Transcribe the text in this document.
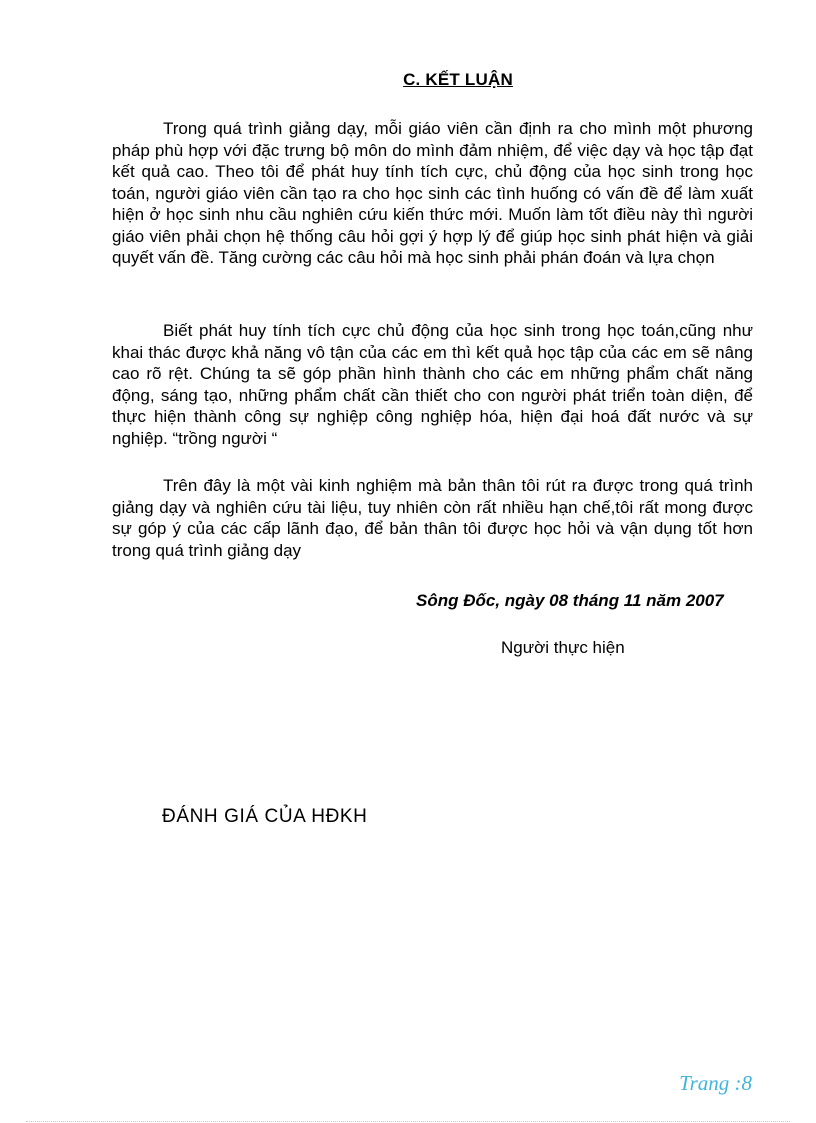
C. KẾT LUẬN

Trong quá trình giảng dạy, mỗi giáo viên cần định ra cho mình một phương pháp phù hợp với đặc trưng bộ môn do mình đảm nhiệm, để việc dạy và học tập đạt kết quả cao. Theo tôi để phát huy tính tích cực, chủ động của học sinh trong học toán, người giáo viên cần tạo ra cho học sinh các tình huống có vấn đề để làm xuất hiện ở học sinh nhu cầu nghiên cứu kiến thức mới. Muốn làm tốt điều này thì người giáo viên phải chọn hệ thống câu hỏi gợi ý hợp lý để giúp học sinh phát hiện và giải quyết vấn đề. Tăng cường các câu hỏi mà học sinh phải phán đoán và lựa chọn

Biết phát huy tính tích cực chủ động của học sinh trong học toán,cũng như khai thác được khả năng vô tận của các em thì kết quả học tập của các em sẽ nâng cao rõ rệt. Chúng ta sẽ góp phần hình thành cho các em những phẩm chất năng động, sáng tạo, những phẩm chất cần thiết cho con người phát triển toàn diện, để thực hiện thành công sự nghiệp công nghiệp hóa, hiện đại hoá đất nước và sự nghiệp. “trồng người “

Trên đây là một vài kinh nghiệm mà bản thân tôi rút ra được trong quá trình giảng dạy và nghiên cứu tài liệu, tuy nhiên còn rất nhiều hạn chế,tôi rất mong được sự góp ý của các cấp lãnh đạo, để bản thân tôi được học hỏi và vận dụng tốt hơn trong quá trình giảng dạy

Sông Đốc, ngày 08 tháng 11 năm 2007
Người thực hiện
ĐÁNH GIÁ CỦA HĐKH
Trang :8
